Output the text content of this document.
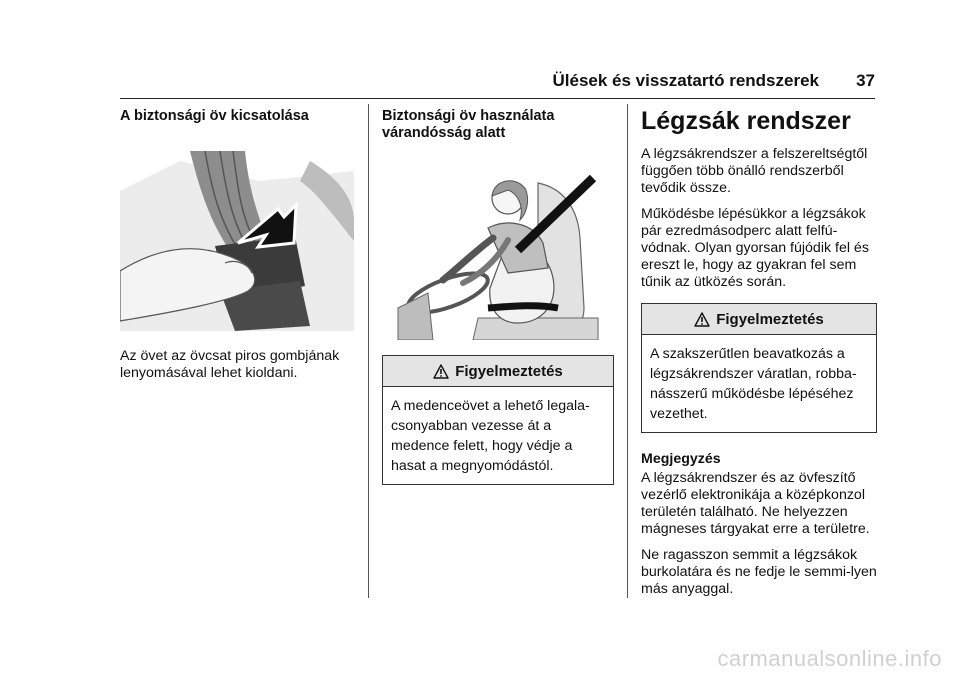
Ülések és visszatartó rendszerek 37
A biztonsági öv kicsatolása

Az övet az övcsat piros gombjának lenyomásával lehet kioldani.

Biztonsági öv használata várandósság alatt
Figyelmeztetés
A medenceövet a lehető legala-csonyabban vezesse át a medence felett, hogy védje a hasat a megnyomódástól.
Légzsák rendszer

A légzsákrendszer a felszereltségtől függően több önálló rendszerből tevődik össze.

Működésbe lépésükkor a légzsákok pár ezredmásodperc alatt felfú-vódnak. Olyan gyorsan fújódik fel és ereszt le, hogy az gyakran fel sem tűnik az ütközés során.

Figyelmeztetés
A szakszerűtlen beavatkozás a légzsákrendszer váratlan, robba-násszerű működésbe lépéséhez vezethet.
Megjegyzés

A légzsákrendszer és az övfeszítő vezérlő elektronikája a középkonzol területén található. Ne helyezzen mágneses tárgyakat erre a területre.

Ne ragasszon semmit a légzsákok burkolatára és ne fedje le semmi-lyen más anyaggal.

carmanualsonline.info
